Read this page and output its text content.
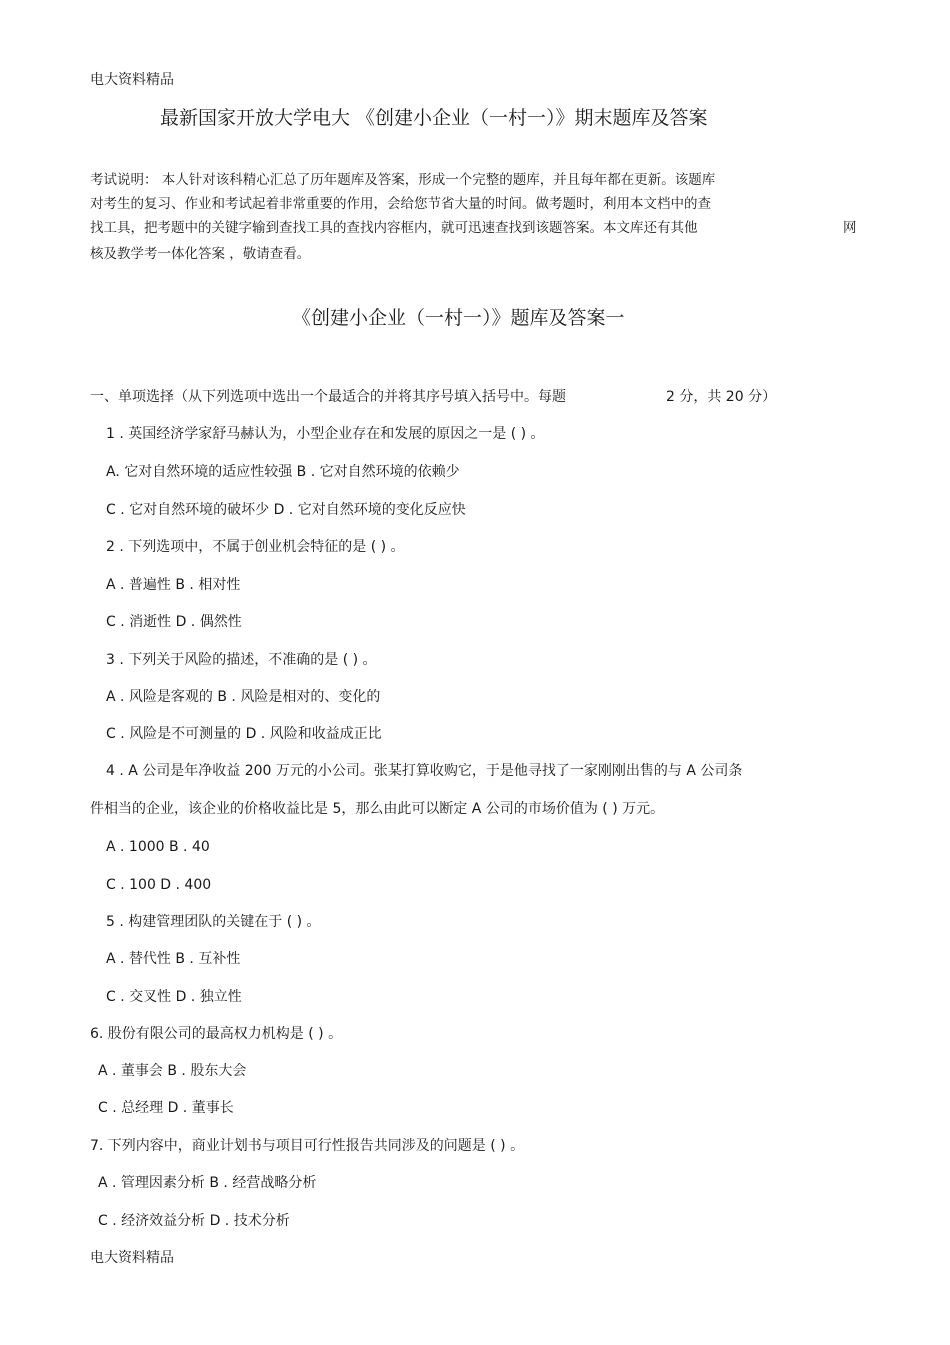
电大资料精品
最新国家开放大学电大 《创建小企业（一村一）》期末题库及答案
考试说明： 本人针对该科精心汇总了历年题库及答案，形成一个完整的题库，并且每年都在更新。该题库
对考生的复习、作业和考试起着非常重要的作用，会给您节省大量的时间。做考题时，利用本文档中的查
找工具，把考题中的关键字输到查找工具的查找内容框内，就可迅速查找到该题答案。本文库还有其他	网
核及教学考一体化答案 ，敬请查看。
《创建小企业（一村一）》题库及答案一
一、单项选择（从下列选项中选出一个最适合的并将其序号填入括号中。每题	2 分，共 20 分）
1 . 英国经济学家舒马赫认为，小型企业存在和发展的原因之一是 ( ) 。
A. 它对自然环境的适应性较强 B . 它对自然环境的依赖少
C . 它对自然环境的破坏少 D . 它对自然环境的变化反应快
2 . 下列选项中，不属于创业机会特征的是 ( ) 。
A . 普遍性 B . 相对性
C . 消逝性 D . 偶然性
3 . 下列关于风险的描述，不准确的是 ( ) 。
A . 风险是客观的 B . 风险是相对的、变化的
C . 风险是不可测量的 D . 风险和收益成正比
4 . A 公司是年净收益 200 万元的小公司。张某打算收购它，于是他寻找了一家刚刚出售的与 A 公司条
件相当的企业，该企业的价格收益比是 5，那么由此可以断定 A 公司的市场价值为 ( ) 万元。
A . 1000 B . 40
C . 100 D . 400
5 . 构建管理团队的关键在于 ( ) 。
A . 替代性 B . 互补性
C . 交叉性 D . 独立性
6. 股份有限公司的最高权力机构是 ( ) 。
A . 董事会 B . 股东大会
C . 总经理 D . 董事长
7. 下列内容中，商业计划书与项目可行性报告共同涉及的问题是 ( ) 。
A . 管理因素分析 B . 经营战略分析
C . 经济效益分析 D . 技术分析
电大资料精品
